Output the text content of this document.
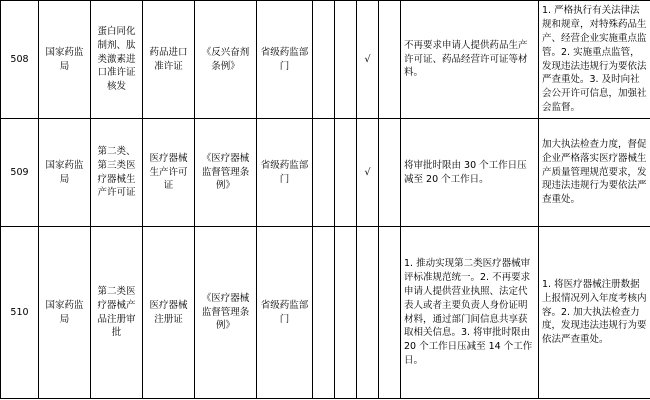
508	国家药监局	蛋白同化制剂、肽类激素进口准许证核发	药品进口准许证	《反兴奋剂条例》	省级药监部门			√		不再要求申请人提供药品生产许可证、药品经营许可证等材料。	1. 严格执行有关法律法规和规章，对特殊药品生产、经营企业实施重点监管。2. 实施重点监管，发现违法违规行为要依法严查重处。3. 及时向社会公开许可信息，加强社会监督。
509	国家药监局	第二类、第三类医疗器械生产许可证	医疗器械生产许可证	《医疗器械监督管理条例》	省级药监部门			√		将审批时限由 30 个工作日压减至 20 个工作日。	加大执法检查力度，督促企业严格落实医疗器械生产质量管理规范要求，发现违法违规行为要依法严查重处。
510	国家药监局	第二类医疗器械产品注册审批	医疗器械注册证	《医疗器械监督管理条例》	省级药监部门					1. 推动实现第二类医疗器械审评标准规范统一。2. 不再要求申请人提供营业执照、法定代表人或者主要负责人身份证明材料，通过部门间信息共享获取相关信息。3. 将审批时限由 20 个工作日压减至 14 个工作日。	1. 将医疗器械注册数据上报情况列入年度考核内容。2. 加大执法检查力度，发现违法违规行为要依法严查重处。
